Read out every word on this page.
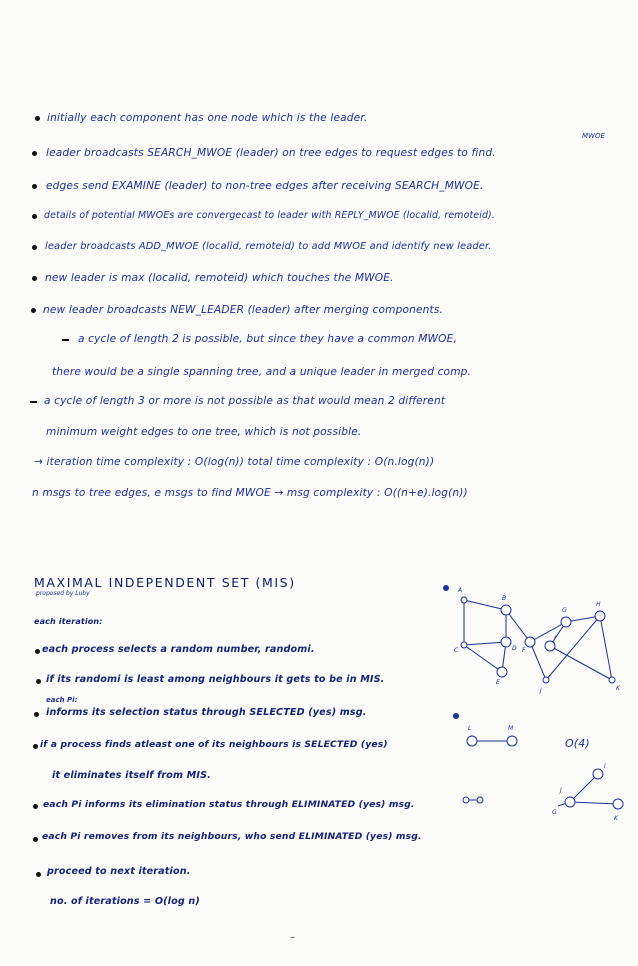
MWOE
initially each component has one node which is the leader.
leader broadcasts SEARCH_MWOE (leader) on tree edges to request edges to find.
edges send EXAMINE (leader) to non-tree edges after receiving SEARCH_MWOE.
details of potential MWOEs are convergecast to leader with REPLY_MWOE (localid, remoteid).
leader broadcasts ADD_MWOE (localid, remoteid) to add MWOE and identify new leader.
new leader is max (localid, remoteid) which touches the MWOE.
new leader broadcasts NEW_LEADER (leader) after merging components.
a cycle of length 2 is possible, but since they have a common MWOE,
there would be a single spanning tree, and a unique leader in merged comp.
a cycle of length 3 or more is not possible as that would mean 2 different
minimum weight edges to one tree, which is not possible.
→ iteration time complexity : O(log(n)) total time complexity : O(n.log(n))
n msgs to tree edges, e msgs to find MWOE → msg complexity : O((n+e).log(n))
MAXIMAL INDEPENDENT SET (MIS)
proposed by Luby
each iteration:
each process selects a random number, randomi.
if its randomi is least among neighbours it gets to be in MIS.
each Pi:
informs its selection status through SELECTED (yes) msg.
if a process finds atleast one of its neighbours is SELECTED (yes)
it eliminates itself from MIS.
each Pi informs its elimination status through ELIMINATED (yes) msg.
each Pi removes from its neighbours, who send ELIMINATED (yes) msg.
proceed to next iteration.
no. of iterations = O(log n)
A
B
C	D
E
F
G
H
I
J	K
L	M
O(4)
I
K
J
G
–
